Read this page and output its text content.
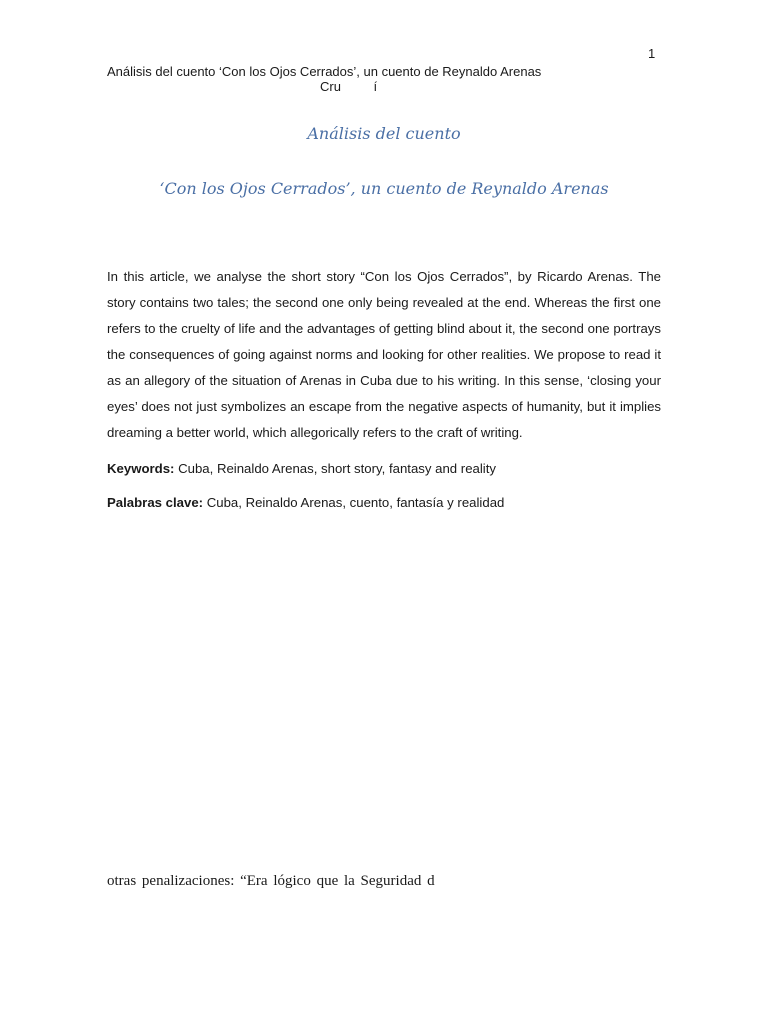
1
Análisis del cuento ‘Con los Ojos Cerrados’, un cuento de Reynaldo Arenas
Cru         í
Análisis del cuento
‘Con los Ojos Cerrados’, un cuento de Reynaldo Arenas

In this article, we analyse the short story “Con los Ojos Cerrados”, by Ricardo Arenas. The story contains two tales; the second one only being revealed at the end. Whereas the first one refers to the cruelty of life and the advantages of getting blind about it, the second one portrays the consequences of going against norms and looking for other realities. We propose to read it as an allegory of the situation of Arenas in Cuba due to his writing. In this sense, ‘closing your eyes’ does not just symbolizes an escape from the negative aspects of humanity, but it implies dreaming a better world, which allegorically refers to the craft of writing.

Keywords: Cuba, Reinaldo Arenas, short story, fantasy and reality

Palabras clave: Cuba, Reinaldo Arenas, cuento, fantasía y realidad

otras penalizaciones: “Era lógico que la Seguridad d
